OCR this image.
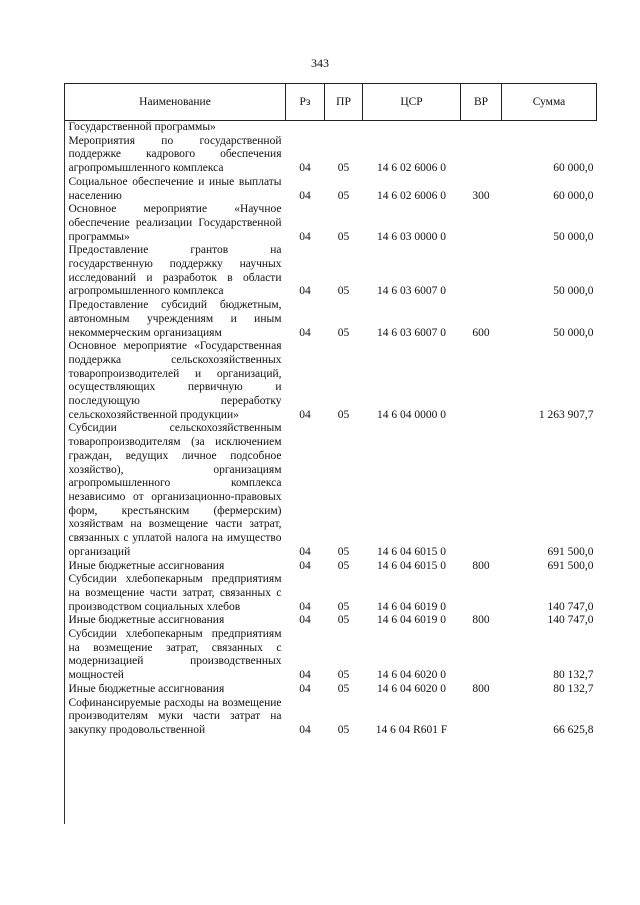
343
Наименование	Рз	ПР	ЦСР	ВР	Сумма
Государственной программы»					
Мероприятия по государственной поддержке кадрового обеспечения агропромышленного комплекса	04	05	14 6 02 6006 0		60 000,0
Социальное обеспечение и иные выплаты населению	04	05	14 6 02 6006 0	300	60 000,0
Основное мероприятие «Научное обеспечение реализации Государственной программы»	04	05	14 6 03 0000 0		50 000,0
Предоставление грантов на государственную поддержку научных исследований и разработок в области агропромышленного комплекса	04	05	14 6 03 6007 0		50 000,0
Предоставление субсидий бюджетным, автономным учреждениям и иным некоммерческим организациям	04	05	14 6 03 6007 0	600	50 000,0
Основное мероприятие «Государственная поддержка сельскохозяйственных товаропроизводителей и организаций, осуществляющих первичную и последующую переработку сельскохозяйственной продукции»	04	05	14 6 04 0000 0		1 263 907,7
Субсидии сельскохозяйственным товаропроизводителям (за исключением граждан, ведущих личное подсобное хозяйство), организациям агропромышленного комплекса независимо от организационно-правовых форм, крестьянским (фермерским) хозяйствам на возмещение части затрат, связанных с уплатой налога на имущество организаций	04	05	14 6 04 6015 0		691 500,0
Иные бюджетные ассигнования	04	05	14 6 04 6015 0	800	691 500,0
Субсидии хлебопекарным предприятиям на возмещение части затрат, связанных с производством социальных хлебов	04	05	14 6 04 6019 0		140 747,0
Иные бюджетные ассигнования	04	05	14 6 04 6019 0	800	140 747,0
Субсидии хлебопекарным предприятиям на возмещение затрат, связанных с модернизацией производственных мощностей	04	05	14 6 04 6020 0		80 132,7
Иные бюджетные ассигнования	04	05	14 6 04 6020 0	800	80 132,7
Софинансируемые расходы на возмещение производителям муки части затрат на закупку продовольственной	04	05	14 6 04 R601 F		66 625,8
